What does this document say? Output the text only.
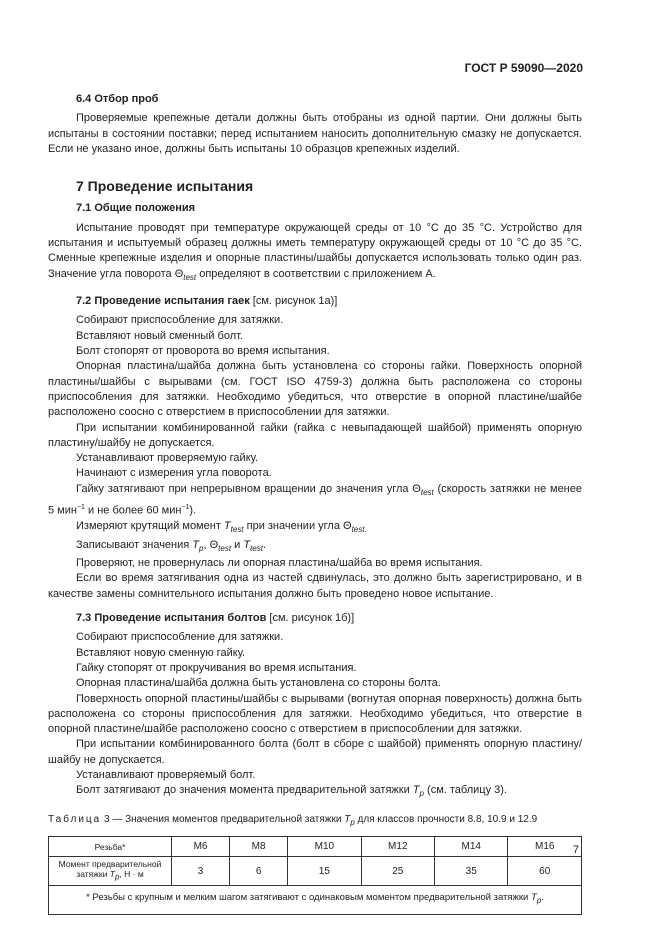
ГОСТ Р 59090—2020
6.4 Отбор проб

Проверяемые крепежные детали должны быть отобраны из одной партии. Они должны быть испытаны в состоянии поставки; перед испытанием наносить дополнительную смазку не допускается. Если не указано иное, должны быть испытаны 10 образцов крепежных изделий.

7 Проведение испытания
7.1 Общие положения

Испытание проводят при температуре окружающей среды от 10 °С до 35 °С. Устройство для испытания и испытуемый образец должны иметь температуру окружающей среды от 10 °С до 35 °С. Сменные крепежные изделия и опорные пластины/шайбы допускается использовать только один раз. Значение угла поворота $\Theta_{test}$ определяют в соответствии с приложением А.

7.2 Проведение испытания гаек [см. рисунок 1а)]

Собирают приспособление для затяжки.

Вставляют новый сменный болт.

Болт стопорят от проворота во время испытания.

Опорная пластина/шайба должна быть установлена со стороны гайки. Поверхность опорной пластины/шайбы с вырывами (см. ГОСТ ISO 4759-3) должна быть расположена со стороны приспособления для затяжки. Необходимо убедиться, что отверстие в опорной пластине/шайбе расположено соосно с отверстием в приспособлении для затяжки.

При испытании комбинированной гайки (гайка с невыпадающей шайбой) применять опорную пластину/шайбу не допускается.

Устанавливают проверяемую гайку.

Начинают с измерения угла поворота.

Гайку затягивают при непрерывном вращении до значения угла $\Theta_{test}$ (скорость затяжки не менее 5 мин$^{-1}$ и не более 60 мин$^{-1}$).

Измеряют крутящий момент $T_{test}$ при значении угла $\Theta_{test.}$

Записывают значения $T_p$, $\Theta_{test}$ и $T_{test}$.

Проверяют, не провернулась ли опорная пластина/шайба во время испытания.

Если во время затягивания одна из частей сдвинулась, это должно быть зарегистрировано, и в качестве замены сомнительного испытания должно быть проведено новое испытание.

7.3 Проведение испытания болтов [см. рисунок 1б)]

Собирают приспособление для затяжки.

Вставляют новую сменную гайку.

Гайку стопорят от прокручивания во время испытания.

Опорная пластина/шайба должна быть установлена со стороны болта.

Поверхность опорной пластины/шайбы с вырывами (вогнутая опорная поверхность) должна быть расположена со стороны приспособления для затяжки. Необходимо убедиться, что отверстие в опорной пластине/шайбе расположено соосно с отверстием в приспособлении для затяжки.

При испытании комбинированного болта (болт в сборе с шайбой) применять опорную пластину/шайбу не допускается.

Устанавливают проверяемый болт.

Болт затягивают до значения момента предварительной затяжки $T_p$ (см. таблицу 3).

Таблица 3 — Значения моментов предварительной затяжки $T_p$ для классов прочности 8.8, 10.9 и 12.9
Резьба*	M6	M8	M10	M12	M14	M16
Момент предварительной затяжки $T_p$, Н · м	3	6	15	25	35	60
* Резьбы с крупным и мелким шагом затягивают с одинаковым моментом предварительной затяжки $T_p$.						
7
